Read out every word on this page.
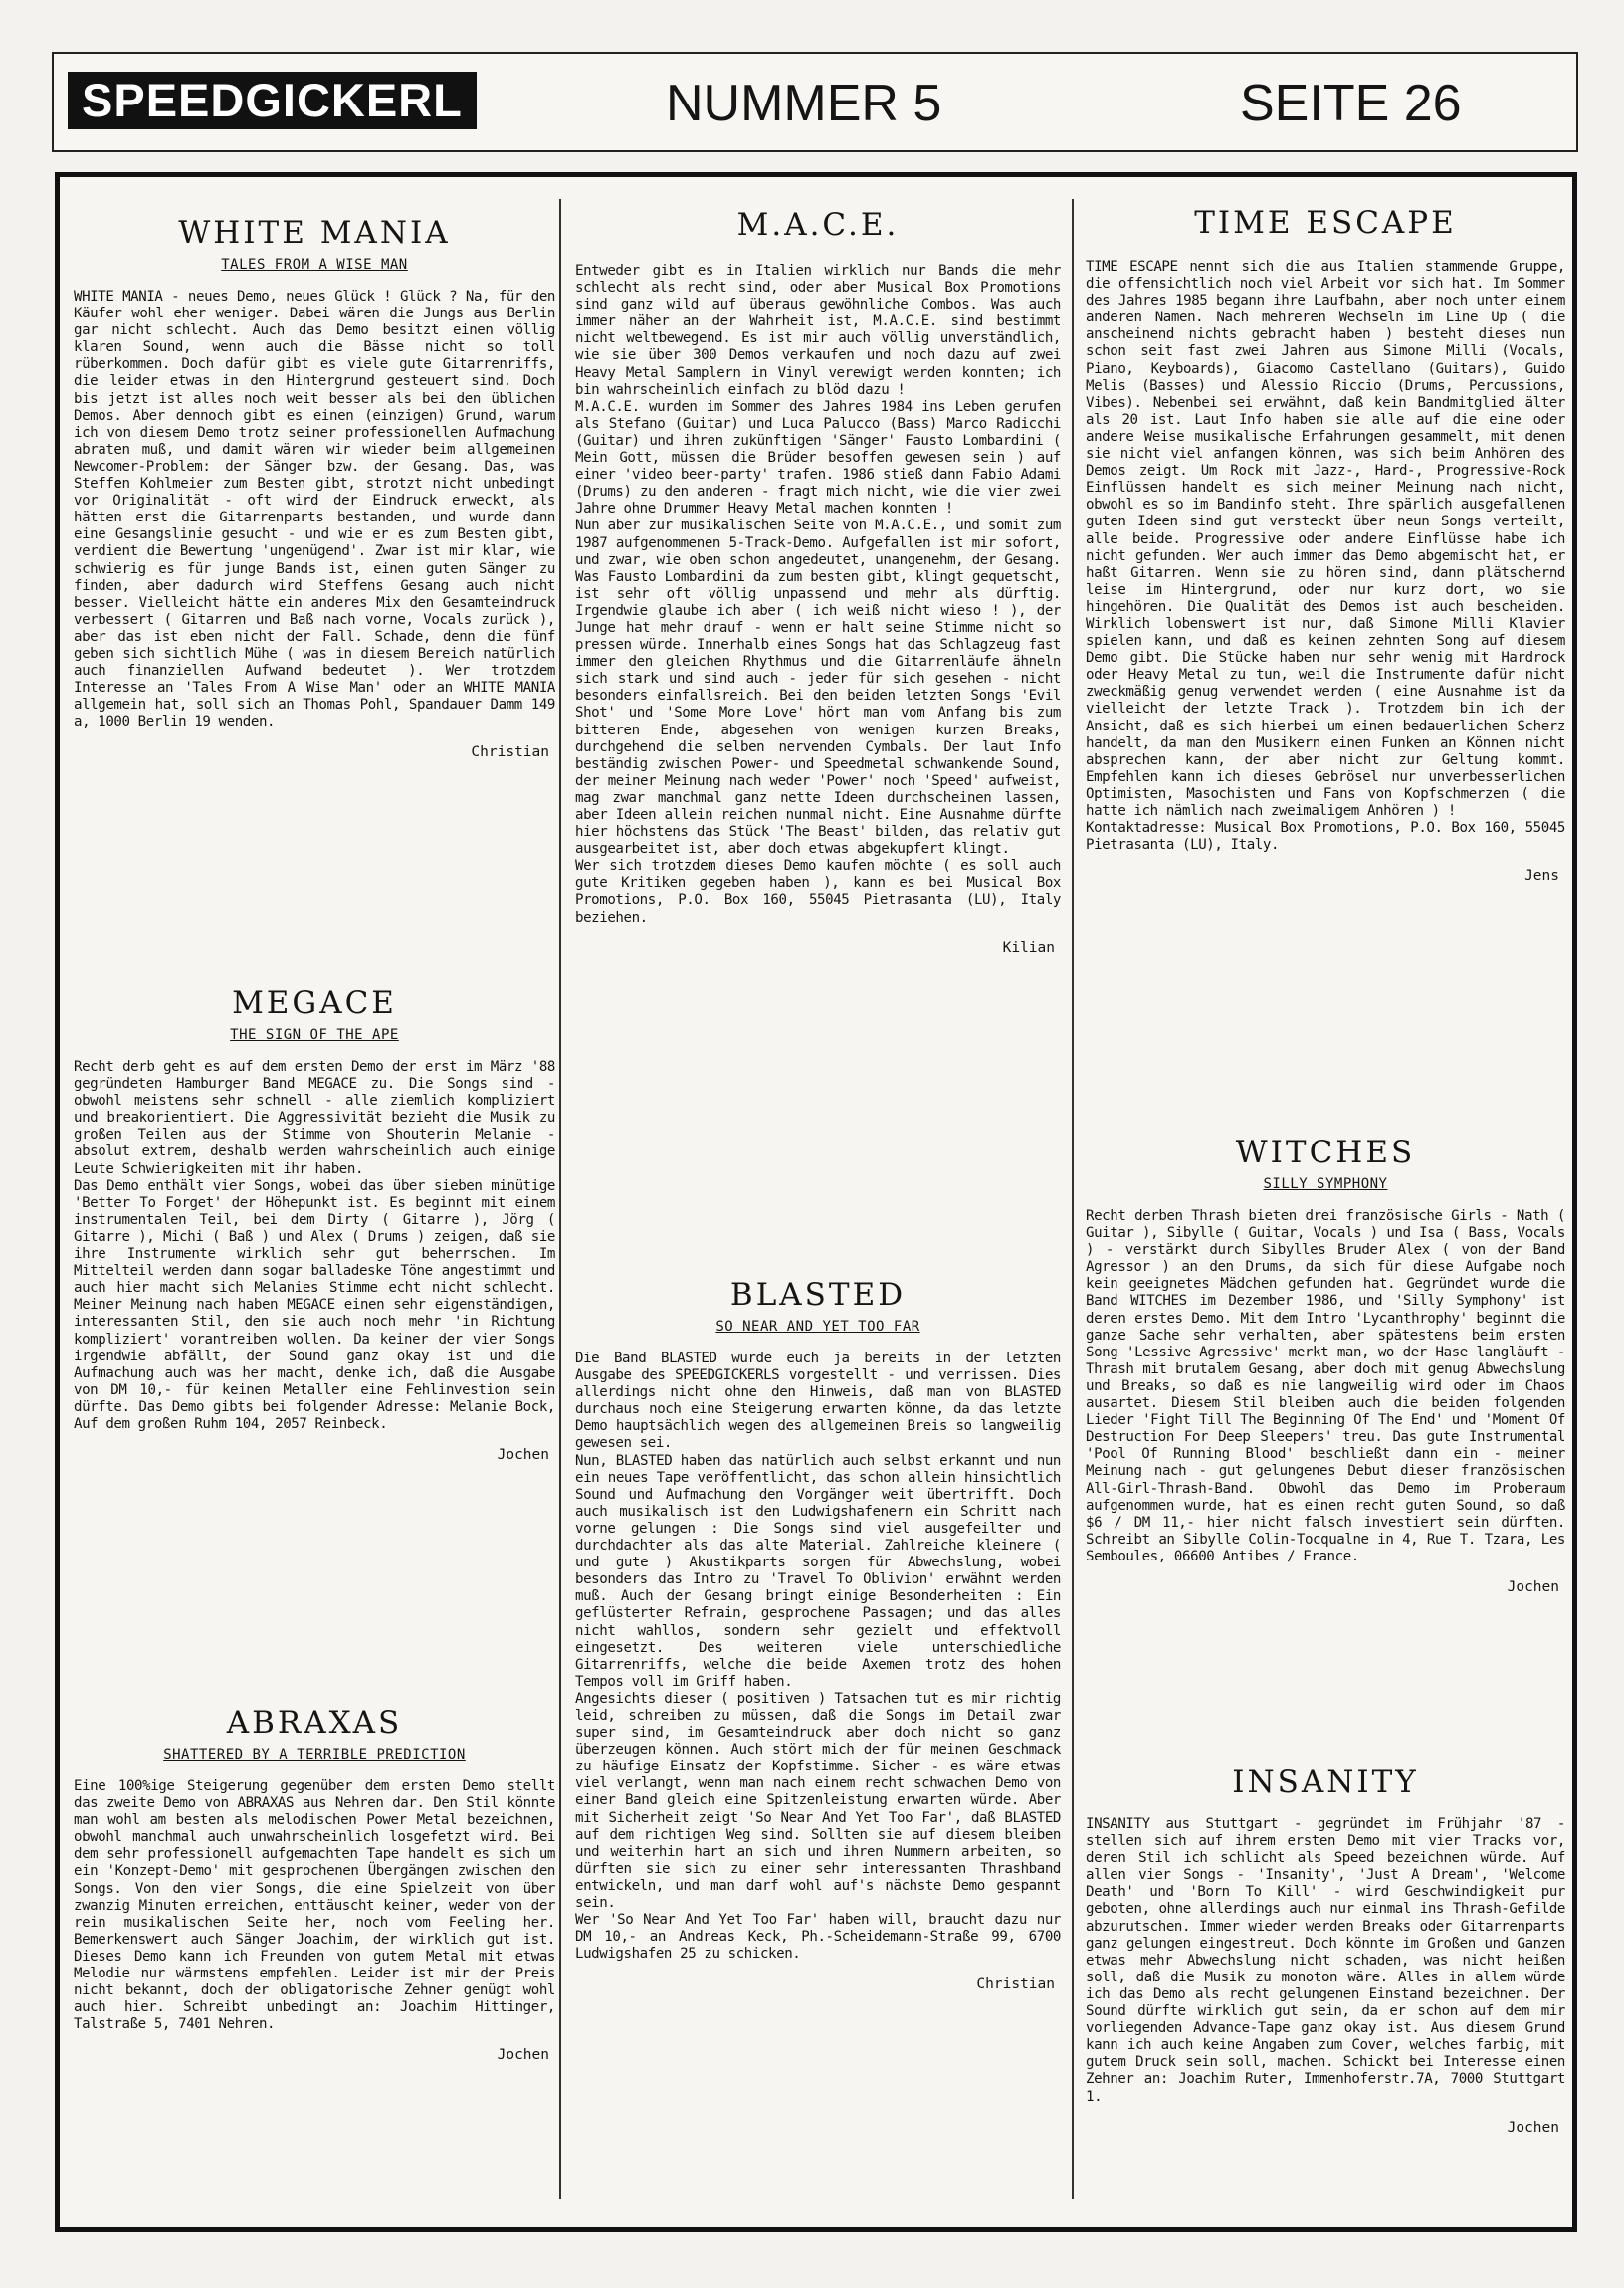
SPEEDGICKERL	NUMMER 5	SEITE 26
WHITE MANIA
TALES FROM A WISE MAN

WHITE MANIA - neues Demo, neues Glück ! Glück ? Na, für den Käufer wohl eher weniger. Dabei wären die Jungs aus Berlin gar nicht schlecht. Auch das Demo besitzt einen völlig klaren Sound, wenn auch die Bässe nicht so toll rüberkommen. Doch dafür gibt es viele gute Gitarrenriffs, die leider etwas in den Hintergrund gesteuert sind. Doch bis jetzt ist alles noch weit besser als bei den üblichen Demos. Aber dennoch gibt es einen (einzigen) Grund, warum ich von diesem Demo trotz seiner professionellen Aufmachung abraten muß, und damit wären wir wieder beim allgemeinen Newcomer-Problem: der Sänger bzw. der Gesang. Das, was Steffen Kohlmeier zum Besten gibt, strotzt nicht unbedingt vor Originalität - oft wird der Eindruck erweckt, als hätten erst die Gitarrenparts bestanden, und wurde dann eine Gesangslinie gesucht - und wie er es zum Besten gibt, verdient die Bewertung 'ungenügend'. Zwar ist mir klar, wie schwierig es für junge Bands ist, einen guten Sänger zu finden, aber dadurch wird Steffens Gesang auch nicht besser. Vielleicht hätte ein anderes Mix den Gesamteindruck verbessert ( Gitarren und Baß nach vorne, Vocals zurück ), aber das ist eben nicht der Fall. Schade, denn die fünf geben sich sichtlich Mühe ( was in diesem Bereich natürlich auch finanziellen Aufwand bedeutet ). Wer trotzdem Interesse an 'Tales From A Wise Man' oder an WHITE MANIA allgemein hat, soll sich an Thomas Pohl, Spandauer Damm 149 a, 1000 Berlin 19 wenden.

Christian
MEGACE
THE SIGN OF THE APE

Recht derb geht es auf dem ersten Demo der erst im März '88 gegründeten Hamburger Band MEGACE zu. Die Songs sind - obwohl meistens sehr schnell - alle ziemlich kompliziert und breakorientiert. Die Aggressivität bezieht die Musik zu großen Teilen aus der Stimme von Shouterin Melanie - absolut extrem, deshalb werden wahrscheinlich auch einige Leute Schwierigkeiten mit ihr haben.
Das Demo enthält vier Songs, wobei das über sieben minütige 'Better To Forget' der Höhepunkt ist. Es beginnt mit einem instrumentalen Teil, bei dem Dirty ( Gitarre ), Jörg ( Gitarre ), Michi ( Baß ) und Alex ( Drums ) zeigen, daß sie ihre Instrumente wirklich sehr gut beherrschen. Im Mittelteil werden dann sogar balladeske Töne angestimmt und auch hier macht sich Melanies Stimme echt nicht schlecht. Meiner Meinung nach haben MEGACE einen sehr eigenständigen, interessanten Stil, den sie auch noch mehr 'in Richtung kompliziert' vorantreiben wollen. Da keiner der vier Songs irgendwie abfällt, der Sound ganz okay ist und die Aufmachung auch was her macht, denke ich, daß die Ausgabe von DM 10,- für keinen Metaller eine Fehlinvestion sein dürfte. Das Demo gibts bei folgender Adresse: Melanie Bock, Auf dem großen Ruhm 104, 2057 Reinbeck.

Jochen
ABRAXAS
SHATTERED BY A TERRIBLE PREDICTION

Eine 100%ige Steigerung gegenüber dem ersten Demo stellt das zweite Demo von ABRAXAS aus Nehren dar. Den Stil könnte man wohl am besten als melodischen Power Metal bezeichnen, obwohl manchmal auch unwahrscheinlich losgefetzt wird. Bei dem sehr professionell aufgemachten Tape handelt es sich um ein 'Konzept-Demo' mit gesprochenen Übergängen zwischen den Songs. Von den vier Songs, die eine Spielzeit von über zwanzig Minuten erreichen, enttäuscht keiner, weder von der rein musikalischen Seite her, noch vom Feeling her. Bemerkenswert auch Sänger Joachim, der wirklich gut ist. Dieses Demo kann ich Freunden von gutem Metal mit etwas Melodie nur wärmstens empfehlen. Leider ist mir der Preis nicht bekannt, doch der obligatorische Zehner genügt wohl auch hier. Schreibt unbedingt an: Joachim Hittinger, Talstraße 5, 7401 Nehren.

Jochen
M.A.C.E.

Entweder gibt es in Italien wirklich nur Bands die mehr schlecht als recht sind, oder aber Musical Box Promotions sind ganz wild auf überaus gewöhnliche Combos. Was auch immer näher an der Wahrheit ist, M.A.C.E. sind bestimmt nicht weltbewegend. Es ist mir auch völlig unverständlich, wie sie über 300 Demos verkaufen und noch dazu auf zwei Heavy Metal Samplern in Vinyl verewigt werden konnten; ich bin wahrscheinlich einfach zu blöd dazu !
M.A.C.E. wurden im Sommer des Jahres 1984 ins Leben gerufen als Stefano (Guitar) und Luca Palucco (Bass) Marco Radicchi (Guitar) und ihren zukünftigen 'Sänger' Fausto Lombardini ( Mein Gott, müssen die Brüder besoffen gewesen sein ) auf einer 'video beer-party' trafen. 1986 stieß dann Fabio Adami (Drums) zu den anderen - fragt mich nicht, wie die vier zwei Jahre ohne Drummer Heavy Metal machen konnten !
Nun aber zur musikalischen Seite von M.A.C.E., und somit zum 1987 aufgenommenen 5-Track-Demo. Aufgefallen ist mir sofort, und zwar, wie oben schon angedeutet, unangenehm, der Gesang. Was Fausto Lombardini da zum besten gibt, klingt gequetscht, ist sehr oft völlig unpassend und mehr als dürftig. Irgendwie glaube ich aber ( ich weiß nicht wieso ! ), der Junge hat mehr drauf - wenn er halt seine Stimme nicht so pressen würde. Innerhalb eines Songs hat das Schlagzeug fast immer den gleichen Rhythmus und die Gitarrenläufe ähneln sich stark und sind auch - jeder für sich gesehen - nicht besonders einfallsreich. Bei den beiden letzten Songs 'Evil Shot' und 'Some More Love' hört man vom Anfang bis zum bitteren Ende, abgesehen von wenigen kurzen Breaks, durchgehend die selben nervenden Cymbals. Der laut Info beständig zwischen Power- und Speedmetal schwankende Sound, der meiner Meinung nach weder 'Power' noch 'Speed' aufweist, mag zwar manchmal ganz nette Ideen durchscheinen lassen, aber Ideen allein reichen nunmal nicht. Eine Ausnahme dürfte hier höchstens das Stück 'The Beast' bilden, das relativ gut ausgearbeitet ist, aber doch etwas abgekupfert klingt.
Wer sich trotzdem dieses Demo kaufen möchte ( es soll auch gute Kritiken gegeben haben ), kann es bei Musical Box Promotions, P.O. Box 160, 55045 Pietrasanta (LU), Italy beziehen.

Kilian
BLASTED
SO NEAR AND YET TOO FAR

Die Band BLASTED wurde euch ja bereits in der letzten Ausgabe des SPEEDGICKERLS vorgestellt - und verrissen. Dies allerdings nicht ohne den Hinweis, daß man von BLASTED durchaus noch eine Steigerung erwarten könne, da das letzte Demo hauptsächlich wegen des allgemeinen Breis so langweilig gewesen sei.
Nun, BLASTED haben das natürlich auch selbst erkannt und nun ein neues Tape veröffentlicht, das schon allein hinsichtlich Sound und Aufmachung den Vorgänger weit übertrifft. Doch auch musikalisch ist den Ludwigshafenern ein Schritt nach vorne gelungen : Die Songs sind viel ausgefeilter und durchdachter als das alte Material. Zahlreiche kleinere ( und gute ) Akustikparts sorgen für Abwechslung, wobei besonders das Intro zu 'Travel To Oblivion' erwähnt werden muß. Auch der Gesang bringt einige Besonderheiten : Ein geflüsterter Refrain, gesprochene Passagen; und das alles nicht wahllos, sondern sehr gezielt und effektvoll eingesetzt. Des weiteren viele unterschiedliche Gitarrenriffs, welche die beide Axemen trotz des hohen Tempos voll im Griff haben.
Angesichts dieser ( positiven ) Tatsachen tut es mir richtig leid, schreiben zu müssen, daß die Songs im Detail zwar super sind, im Gesamteindruck aber doch nicht so ganz überzeugen können. Auch stört mich der für meinen Geschmack zu häufige Einsatz der Kopfstimme. Sicher - es wäre etwas viel verlangt, wenn man nach einem recht schwachen Demo von einer Band gleich eine Spitzenleistung erwarten würde. Aber mit Sicherheit zeigt 'So Near And Yet Too Far', daß BLASTED auf dem richtigen Weg sind. Sollten sie auf diesem bleiben und weiterhin hart an sich und ihren Nummern arbeiten, so dürften sie sich zu einer sehr interessanten Thrashband entwickeln, und man darf wohl auf's nächste Demo gespannt sein.
Wer 'So Near And Yet Too Far' haben will, braucht dazu nur DM 10,- an Andreas Keck, Ph.-Scheidemann-Straße 99, 6700 Ludwigshafen 25 zu schicken.

Christian
TIME ESCAPE

TIME ESCAPE nennt sich die aus Italien stammende Gruppe, die offensichtlich noch viel Arbeit vor sich hat. Im Sommer des Jahres 1985 begann ihre Laufbahn, aber noch unter einem anderen Namen. Nach mehreren Wechseln im Line Up ( die anscheinend nichts gebracht haben ) besteht dieses nun schon seit fast zwei Jahren aus Simone Milli (Vocals, Piano, Keyboards), Giacomo Castellano (Guitars), Guido Melis (Basses) und Alessio Riccio (Drums, Percussions, Vibes). Nebenbei sei erwähnt, daß kein Bandmitglied älter als 20 ist. Laut Info haben sie alle auf die eine oder andere Weise musikalische Erfahrungen gesammelt, mit denen sie nicht viel anfangen können, was sich beim Anhören des Demos zeigt. Um Rock mit Jazz-, Hard-, Progressive-Rock Einflüssen handelt es sich meiner Meinung nach nicht, obwohl es so im Bandinfo steht. Ihre spärlich ausgefallenen guten Ideen sind gut versteckt über neun Songs verteilt, alle beide. Progressive oder andere Einflüsse habe ich nicht gefunden. Wer auch immer das Demo abgemischt hat, er haßt Gitarren. Wenn sie zu hören sind, dann plätschernd leise im Hintergrund, oder nur kurz dort, wo sie hingehören. Die Qualität des Demos ist auch bescheiden. Wirklich lobenswert ist nur, daß Simone Milli Klavier spielen kann, und daß es keinen zehnten Song auf diesem Demo gibt. Die Stücke haben nur sehr wenig mit Hardrock oder Heavy Metal zu tun, weil die Instrumente dafür nicht zweckmäßig genug verwendet werden ( eine Ausnahme ist da vielleicht der letzte Track ). Trotzdem bin ich der Ansicht, daß es sich hierbei um einen bedauerlichen Scherz handelt, da man den Musikern einen Funken an Können nicht absprechen kann, der aber nicht zur Geltung kommt. Empfehlen kann ich dieses Gebrösel nur unverbesserlichen Optimisten, Masochisten und Fans von Kopfschmerzen ( die hatte ich nämlich nach zweimaligem Anhören ) !
Kontaktadresse: Musical Box Promotions, P.O. Box 160, 55045 Pietrasanta (LU), Italy.

Jens
WITCHES
SILLY SYMPHONY

Recht derben Thrash bieten drei französische Girls - Nath ( Guitar ), Sibylle ( Guitar, Vocals ) und Isa ( Bass, Vocals ) - verstärkt durch Sibylles Bruder Alex ( von der Band Agressor ) an den Drums, da sich für diese Aufgabe noch kein geeignetes Mädchen gefunden hat. Gegründet wurde die Band WITCHES im Dezember 1986, und 'Silly Symphony' ist deren erstes Demo. Mit dem Intro 'Lycanthrophy' beginnt die ganze Sache sehr verhalten, aber spätestens beim ersten Song 'Lessive Agressive' merkt man, wo der Hase langläuft - Thrash mit brutalem Gesang, aber doch mit genug Abwechslung und Breaks, so daß es nie langweilig wird oder im Chaos ausartet. Diesem Stil bleiben auch die beiden folgenden Lieder 'Fight Till The Beginning Of The End' und 'Moment Of Destruction For Deep Sleepers' treu. Das gute Instrumental 'Pool Of Running Blood' beschließt dann ein - meiner Meinung nach - gut gelungenes Debut dieser französischen All-Girl-Thrash-Band. Obwohl das Demo im Proberaum aufgenommen wurde, hat es einen recht guten Sound, so daß $6 / DM 11,- hier nicht falsch investiert sein dürften. Schreibt an Sibylle Colin-Tocqualne in 4, Rue T. Tzara, Les Semboules, 06600 Antibes / France.

Jochen
INSANITY

INSANITY aus Stuttgart - gegründet im Frühjahr '87 - stellen sich auf ihrem ersten Demo mit vier Tracks vor, deren Stil ich schlicht als Speed bezeichnen würde. Auf allen vier Songs - 'Insanity', 'Just A Dream', 'Welcome Death' und 'Born To Kill' - wird Geschwindigkeit pur geboten, ohne allerdings auch nur einmal ins Thrash-Gefilde abzurutschen. Immer wieder werden Breaks oder Gitarrenparts ganz gelungen eingestreut. Doch könnte im Großen und Ganzen etwas mehr Abwechslung nicht schaden, was nicht heißen soll, daß die Musik zu monoton wäre. Alles in allem würde ich das Demo als recht gelungenen Einstand bezeichnen. Der Sound dürfte wirklich gut sein, da er schon auf dem mir vorliegenden Advance-Tape ganz okay ist. Aus diesem Grund kann ich auch keine Angaben zum Cover, welches farbig, mit gutem Druck sein soll, machen. Schickt bei Interesse einen Zehner an: Joachim Ruter, Immenhoferstr.7A, 7000 Stuttgart 1.

Jochen
